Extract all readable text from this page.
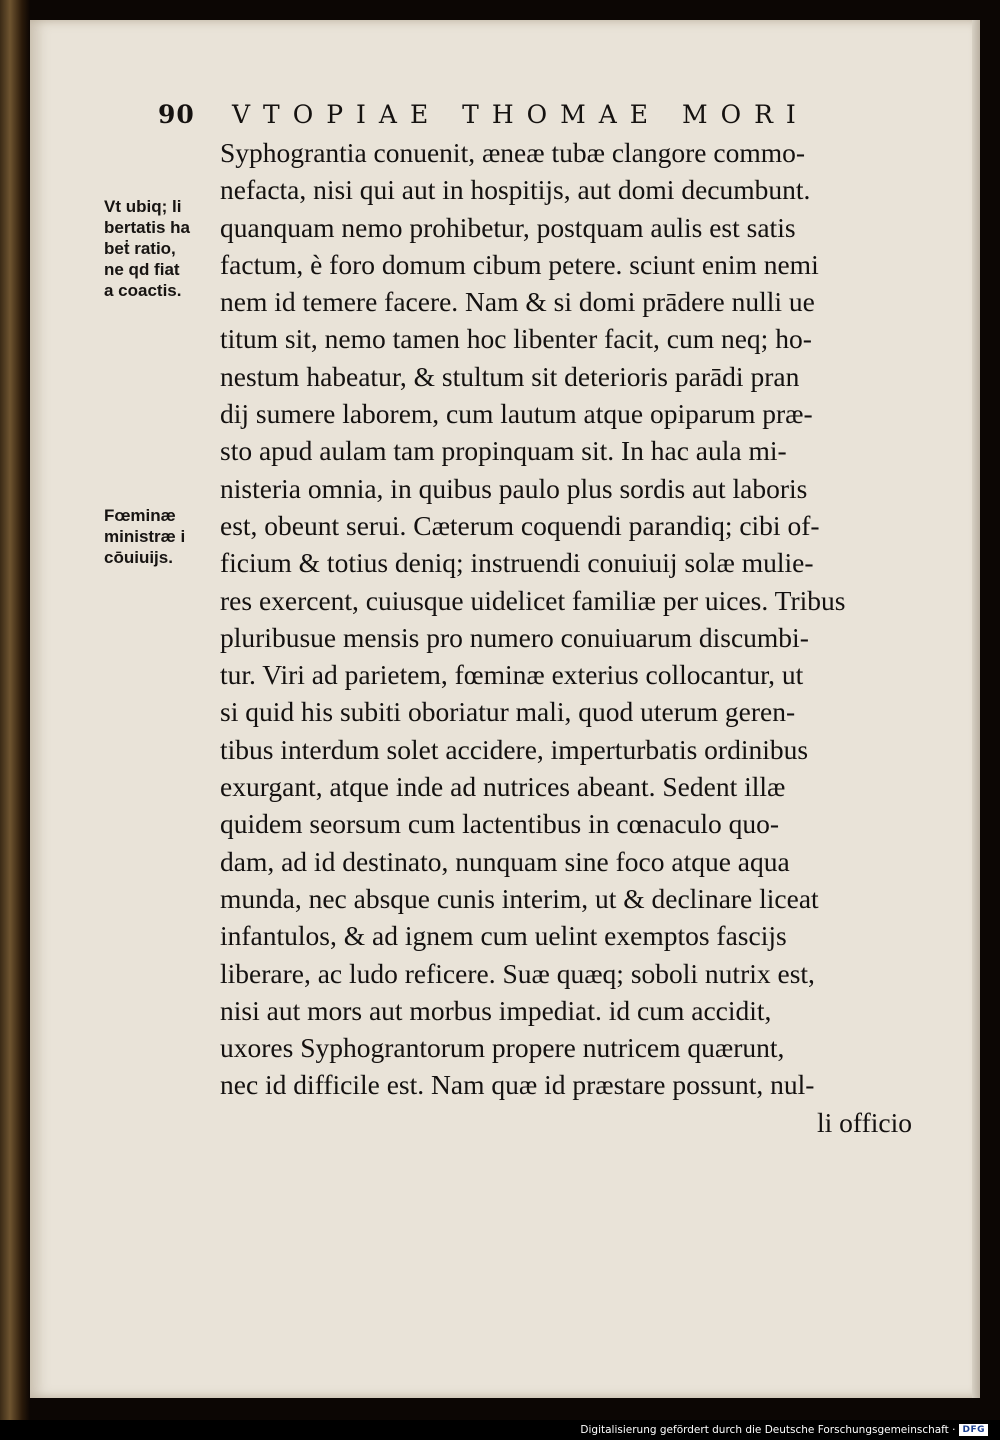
90 VTOPIAE THOMAE MORI
Vt ubiq; li
bertatis ha
beṫ ratio,
ne qd fiat
a coactis.
Fœminæ
ministræ i
cōuiuijs.
Syphograntia conuenit, æneæ tubæ clangore commo-
nefacta, nisi qui aut in hospitijs, aut domi decumbunt.
quanquam nemo prohibetur, postquam aulis est satis
factum, è foro domum cibum petere. sciunt enim nemi
nem id temere facere. Nam & si domi prādere nulli ue
titum sit, nemo tamen hoc libenter facit, cum neq; ho-
nestum habeatur, & stultum sit deterioris parādi pran
dij sumere laborem, cum lautum atque opiparum præ-
sto apud aulam tam propinquam sit. In hac aula mi-
nisteria omnia, in quibus paulo plus sordis aut laboris
est, obeunt serui. Cæterum coquendi parandiq; cibi of-
ficium & totius deniq; instruendi conuiuij solæ mulie-
res exercent, cuiusque uidelicet familiæ per uices. Tribus
pluribusue mensis pro numero conuiuarum discumbi-
tur. Viri ad parietem, fœminæ exterius collocantur, ut
si quid his subiti oboriatur mali, quod uterum geren-
tibus interdum solet accidere, imperturbatis ordinibus
exurgant, atque inde ad nutrices abeant. Sedent illæ
quidem seorsum cum lactentibus in cœnaculo quo-
dam, ad id destinato, nunquam sine foco atque aqua
munda, nec absque cunis interim, ut & declinare liceat
infantulos, & ad ignem cum uelint exemptos fascijs
liberare, ac ludo reficere. Suæ quæq; soboli nutrix est,
nisi aut mors aut morbus impediat. id cum accidit,
uxores Syphograntorum propere nutricem quærunt,
nec id difficile est. Nam quæ id præstare possunt, nul-
li officio
Digitalisierung gefördert durch die Deutsche Forschungsgemeinschaft · DFG
